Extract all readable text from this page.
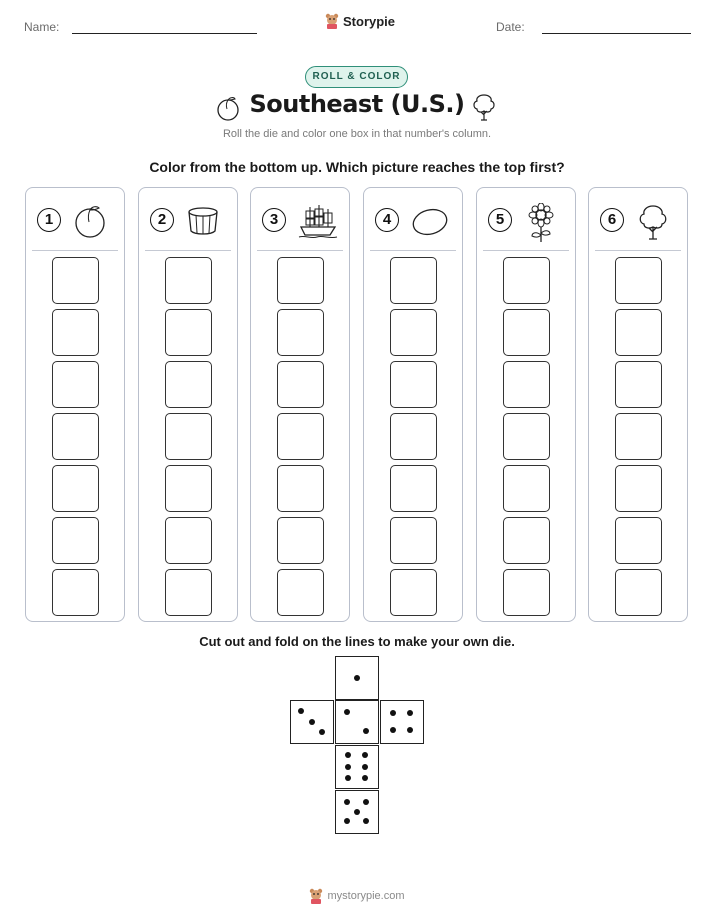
Name:	Storypie	Date:
ROLL & COLOR
Southeast (U.S.)
Roll the die and color one box in that number's column.
Color from the bottom up. Which picture reaches the top first?
1	2	3	4	5	6
Cut out and fold on the lines to make your own die.
mystorypie.com
